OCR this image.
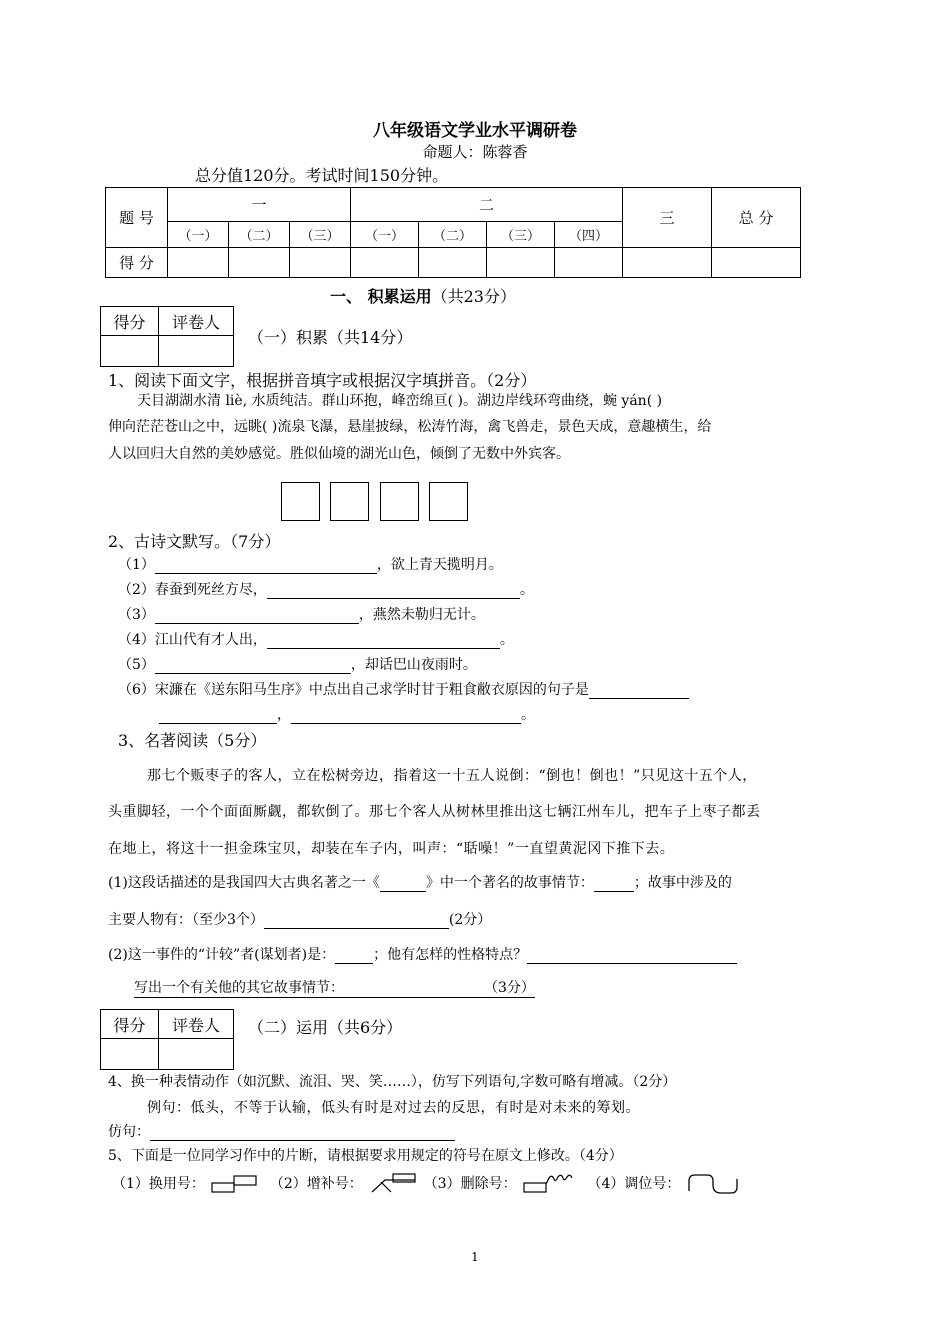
八年级语文学业水平调研卷
命题人：陈蓉香
总分值120分。考试时间150分钟。
题 号	一			二				三	总 分
	（一）	（二）	（三）	（一）	（二）	（三）	（四）		
得 分									
一、 积累运用（共23分）
得分	评卷人

（一）积累（共14分）
1、阅读下面文字，根据拼音填字或根据汉字填拼音。（2分）
天目湖湖水清 liè, 水质纯洁。群山环抱，峰峦绵亘( )。湖边岸线环弯曲绕，蜿 yán( )
伸向茫茫苍山之中，远眺( )流泉飞瀑，悬崖披绿，松涛竹海，禽飞兽走，景色天成，意趣横生，给
人以回归大自然的美妙感觉。胜似仙境的湖光山色，倾倒了无数中外宾客。
2、古诗文默写。（7分）
（1）	，欲上青天揽明月。
（2）春蚕到死丝方尽，	。
（3）	，燕然未勒归无计。
（4）江山代有才人出，	。
（5）	，却话巴山夜雨时。
（6）宋濂在《送东阳马生序》中点出自己求学时甘于粗食敝衣原因的句子是
，	。
3、名著阅读（5分）
那七个贩枣子的客人，立在松树旁边，指着这一十五人说倒：“倒也！倒也！”只见这十五个人，
头重脚轻，一个个面面厮觑，都软倒了。那七个客人从树林里推出这七辆江州车儿，把车子上枣子都丢
在地上，将这十一担金珠宝贝，却装在车子内，叫声：“聒噪！”一直望黄泥冈下推下去。
(1)这段话描述的是我国四大古典名著之一《	》中一个著名的故事情节：	；故事中涉及的
主要人物有：（至少3个）	(2分）
(2)这一事件的“计较”者(谋划者)是：	；他有怎样的性格特点？
写出一个有关他的其它故事情节：	（3分）
得分	评卷人
	（二）运用（共6分）
4、换一种表情动作（如沉默、流泪、哭、笑……），仿写下列语句,字数可略有增减。（2分）
例句：低头，不等于认输，低头有时是对过去的反思，有时是对未来的筹划。
仿句：
5、下面是一位同学习作中的片断，请根据要求用规定的符号在原文上修改。（4分）
（1）换用号：	（2）增补号：	（3）删除号：	（4）调位号：
1
